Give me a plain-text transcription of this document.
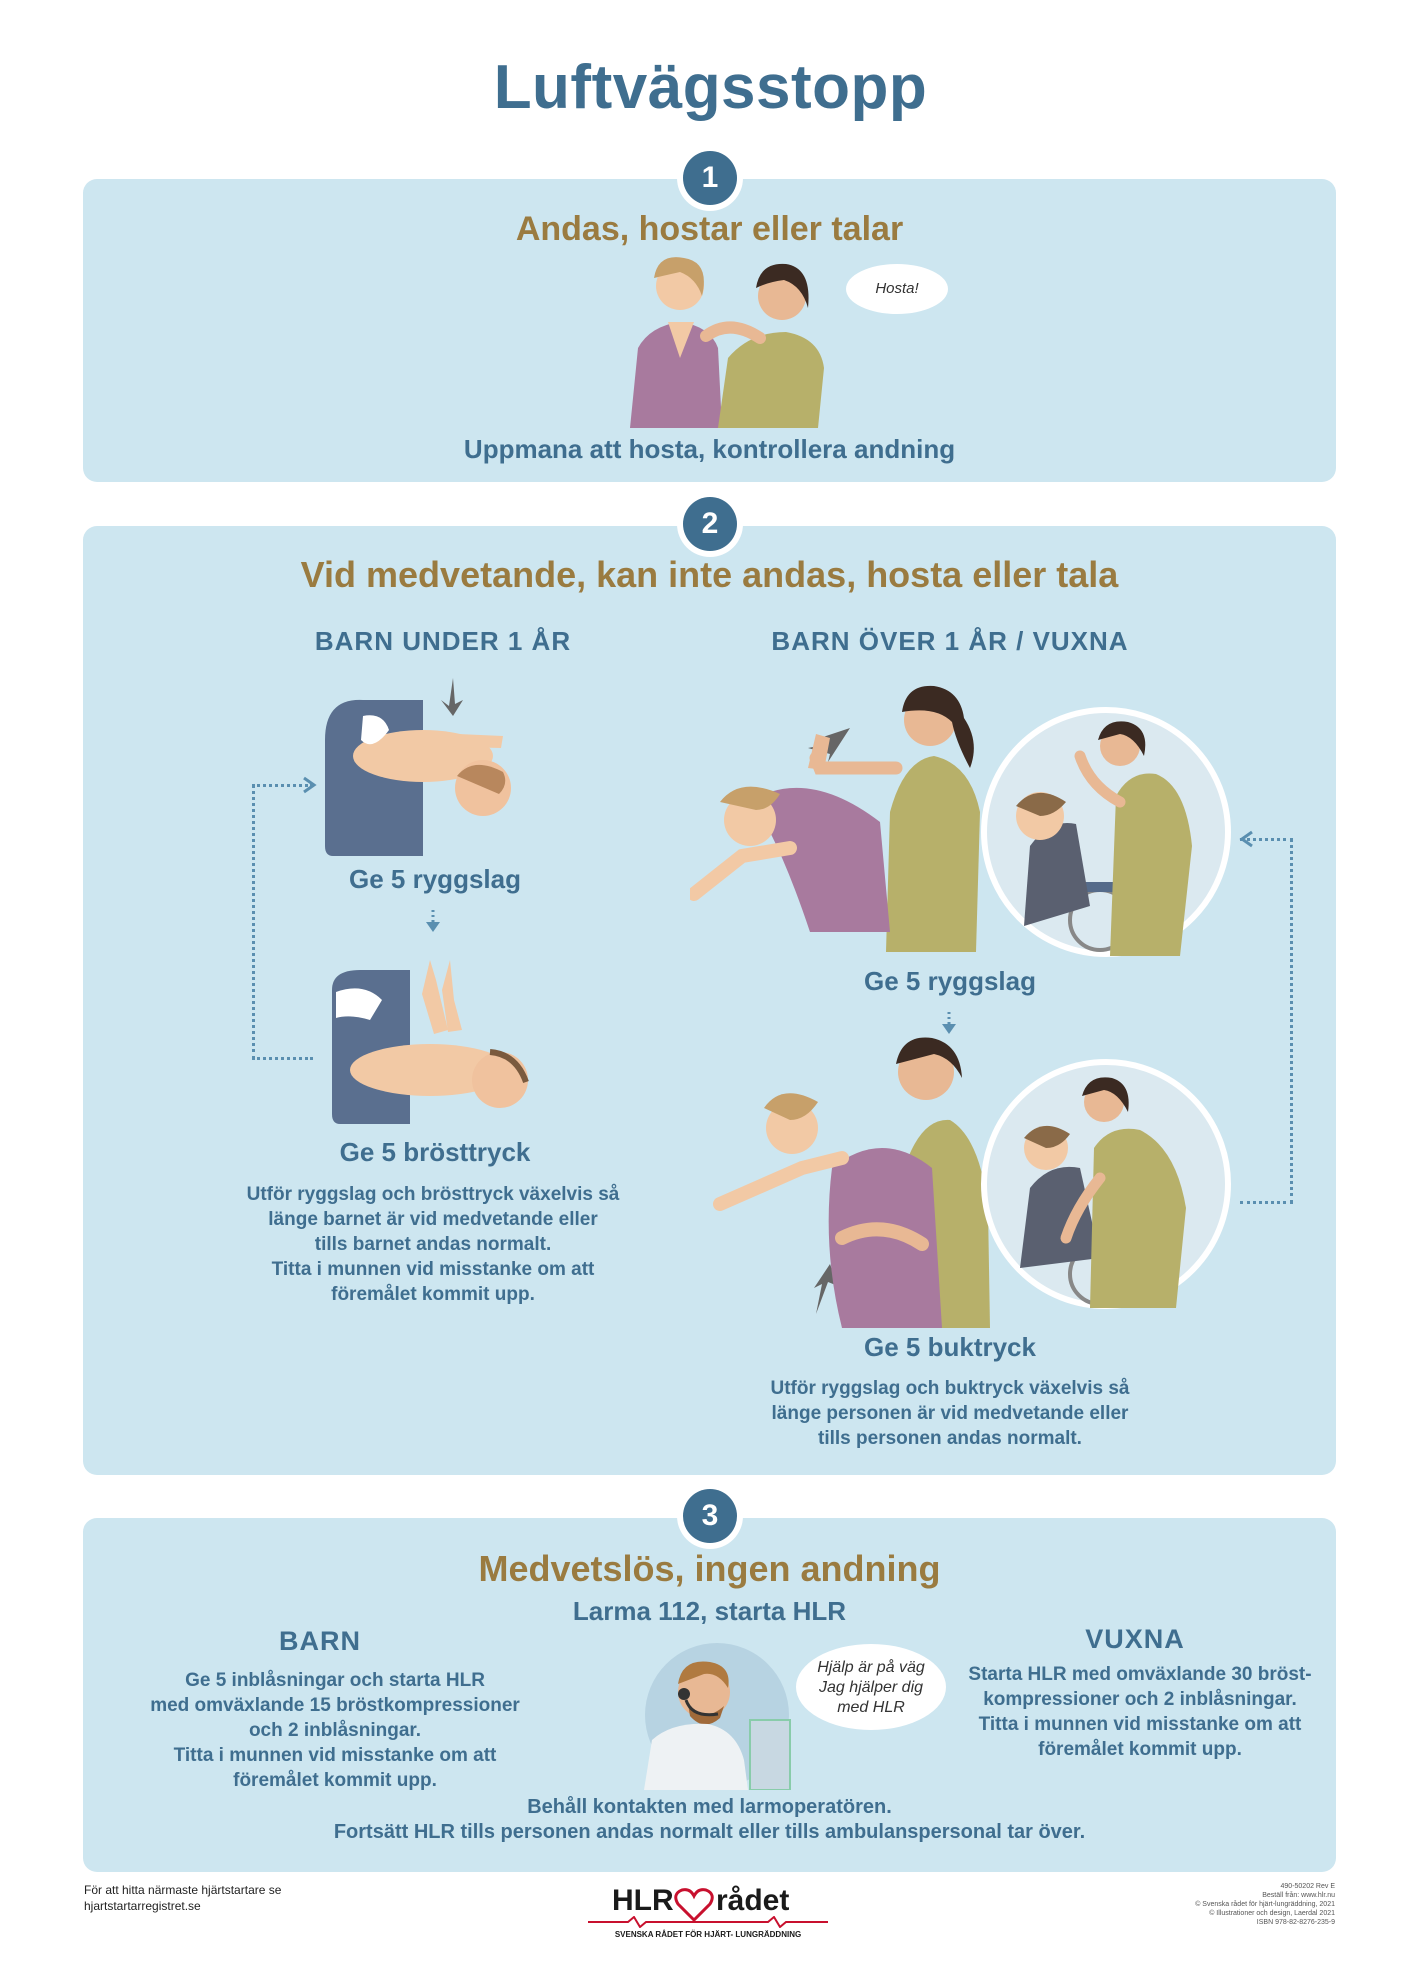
Luftvägsstopp
1
Andas, hostar eller talar
Hosta!
Uppmana att hosta, kontrollera andning
2
Vid medvetande, kan inte andas, hosta eller tala
BARN UNDER 1 ÅR
Ge 5 ryggslag
Ge 5 brösttryck
Utför ryggslag och brösttryck växelvis så
länge barnet är vid medvetande eller
tills barnet andas normalt.
Titta i munnen vid misstanke om att
föremålet kommit upp.
BARN ÖVER 1 ÅR / VUXNA
Ge 5 ryggslag
Ge 5 buktryck
Utför ryggslag och buktryck växelvis så
länge personen är vid medvetande eller
tills personen andas normalt.
3
Medvetslös, ingen andning
Larma 112, starta HLR
BARN
Ge 5 inblåsningar och starta HLR
med omväxlande 15 bröstkompressioner
och 2 inblåsningar.
Titta i munnen vid misstanke om att
föremålet kommit upp.
Hjälp är på väg
Jag hjälper dig
med HLR
VUXNA
Starta HLR med omväxlande 30 bröst-
kompressioner och 2 inblåsningar.
Titta i munnen vid misstanke om att
föremålet kommit upp.
Behåll kontakten med larmoperatören.
Fortsätt HLR tills personen andas normalt eller tills ambulanspersonal tar över.
För att hitta närmaste hjärtstartare se
hjartstartarregistret.se	HLR rådet
SVENSKA RÅDET FÖR HJÄRT- LUNGRÄDDNING
490-50202 Rev E
Beställ från: www.hlr.nu
© Svenska rådet för hjärt-lungräddning, 2021
© Illustrationer och design, Laerdal 2021
ISBN 978-82-8276-235-9
